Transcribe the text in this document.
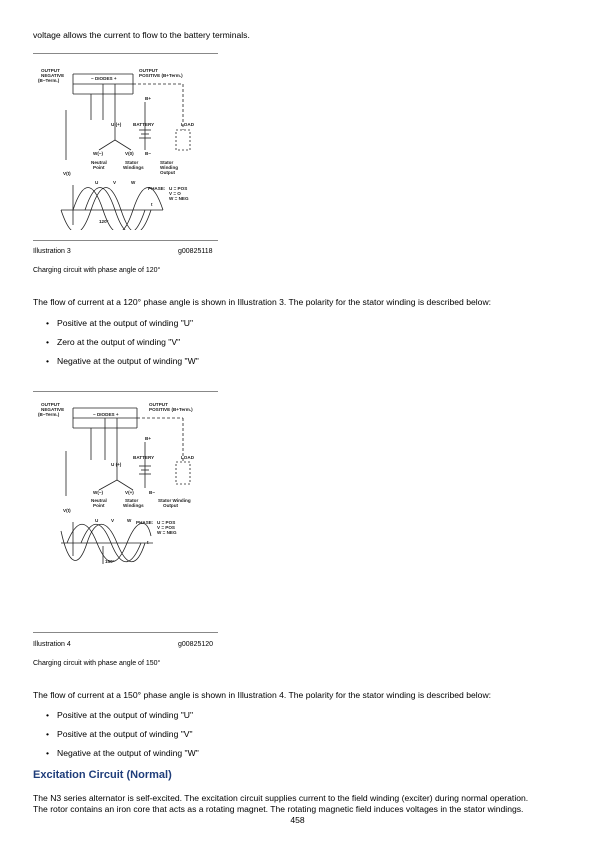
voltage allows the current to flow to the battery terminals.
OUTPUT
NEGATIVE
(B−Term.)
OUTPUT
POSITIVE (B+Term.)
− DIODES +
B+
BATTERY	LOAD
U (+)
W(−)	V(0) B−
Neutral
Point
Stator
Windings
Stator
Winding
Output
V(t)
PHASE: U = POS
V = O
W = NEG
U	V	W
t
120°
Illustration 3	g00825118
Charging circuit with phase angle of 120°
The flow of current at a 120° phase angle is shown in Illustration 3. The polarity for the stator winding is described below:
• Positive at the output of winding "U"
• Zero at the output of winding "V"
• Negative at the output of winding "W"
OUTPUT
NEGATIVE
(B−Term.)
OUTPUT
POSITIVE (B+Term.)
− DIODES +
B+
BATTERY	LOAD
U (+)
W(−)	V(+)	B−
Neutral
Point
Stator
Windings
Stator Winding
Output
V(t)
PHASE: U = POS
V = POS
W = NEG
U	V	W
t
150°
Illustration 4	g00825120
Charging circuit with phase angle of 150°
The flow of current at a 150° phase angle is shown in Illustration 4. The polarity for the stator winding is described below:
• Positive at the output of winding "U"
• Positive at the output of winding "V"
• Negative at the output of winding "W"
Excitation Circuit (Normal)
The N3 series alternator is self-excited. The excitation circuit supplies current to the field winding (exciter) during normal operation.
The rotor contains an iron core that acts as a rotating magnet. The rotating magnetic field induces voltages in the stator windings.
458
